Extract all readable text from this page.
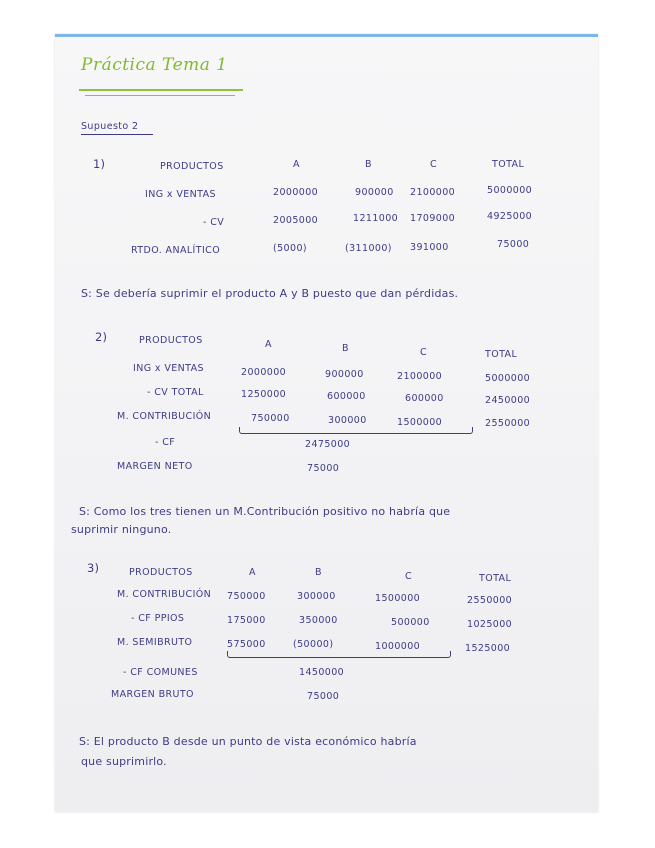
Práctica Tema 1
Supuesto 2
1)	PRODUCTOS	A	B	C	TOTAL
ING x VENTAS	2000000	900000 2100000	5000000
- CV	2005000	1211000 1709000	4925000
RTDO. ANALÍTICO	(5000)	(311000) 391000	75000
S: Se debería suprimir el producto A y B puesto que dan pérdidas.
2)	PRODUCTOS	A	B	C	TOTAL
ING x VENTAS	2000000	900000	2100000	5000000
- CV TOTAL	1250000	600000	600000	2450000
M. CONTRIBUCIÓN	750000	300000	1500000	2550000
- CF	2475000
MARGEN NETO	75000
S: Como los tres tienen un M.Contribución positivo no habría que
suprimir ninguno.
3)	PRODUCTOS	A	B	C	TOTAL
M. CONTRIBUCIÓN 750000	300000	1500000	2550000
- CF PPIOS	175000	350000	500000	1025000
M. SEMIBRUTO	575000	(50000)	1000000	1525000
- CF COMUNES	1450000
MARGEN BRUTO	75000
S: El producto B desde un punto de vista económico habría
que suprimirlo.
